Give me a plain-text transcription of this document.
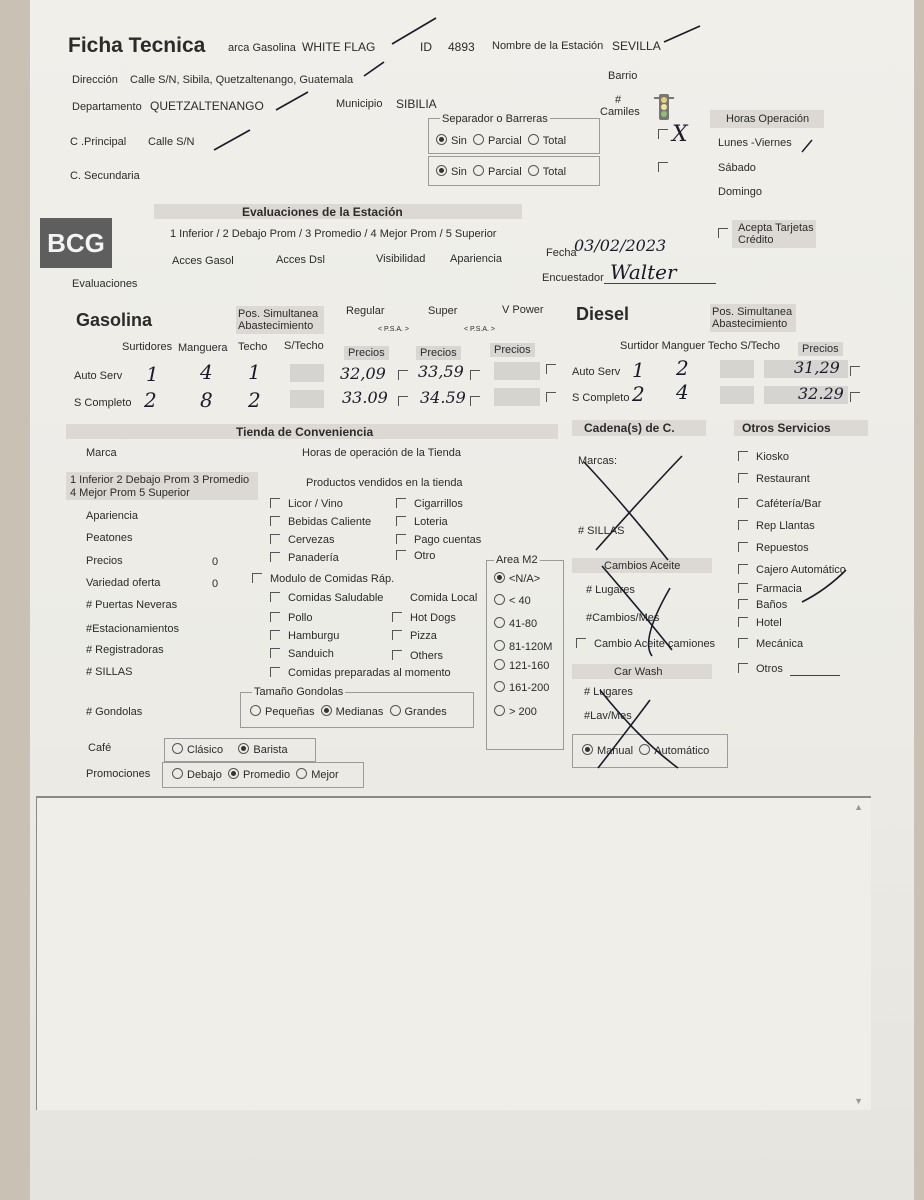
Ficha Tecnica arca Gasolina WHITE FLAG	ID 4893 Nombre de la Estación SEVILLA
Dirección Calle S/N, Sibila, Quetzaltenango, Guatemala	Barrio
Departamento QUETZALTENANGO	Municipio SIBILIA	# Camiles
Horas Operación
Lunes -Viernes
Sábado
Domingo
C .Principal Calle S/N
C. Secundaria
Separador o Barreras
Sin Parcial Total
Sin Parcial Total
X
BCG
Evaluaciones de la Estación
1 Inferior / 2 Debajo Prom / 3 Promedio / 4 Mejor Prom / 5 Superior
Acces Gasol	Acces Dsl	Visibilidad Apariencia	Fecha
03/02/2023
Encuestador Walter
Acepta Tarjetas Crédito
Evaluaciones
Gasolina	Pos. Simultanea Abastecimiento
Regular	Super	V Power
< P.S.A. >	< P.S.A. >
Surtidores Manguera Techo S/Techo
Precios	Precios	Precios
Auto Serv 1 4 1	32,09 33,59
S Completo 2 8 2	33.09 34.59
Diesel	Pos. Simultanea Abastecimiento
Surtidor Manguer Techo S/Techo	Precios
Auto Serv 1 2	31,29
S Completo 2 4	32.29
Tienda de Conveniencia
Marca	Horas de operación de la Tienda
1 Inferior 2 Debajo Prom 3 Promedio
4 Mejor Prom 5 Superior
Productos vendidos en la tienda
Apariencia
Peatones
Precios	0
Variedad oferta	0
# Puertas Neveras
#Estacionamientos
# Registradoras
# SILLAS
# Gondolas
Licor / Vino
Bebidas Caliente
Cervezas
Panadería
Cigarrillos
Loteria
Pago cuentas
Otro
Modulo de Comidas Ráp.
Comidas Saludable Comida Local
Pollo	Hot Dogs
Hamburgu	Pizza
Sanduich	Others
Comidas preparadas al momento
Tamaño Gondolas
Pequeñas Medianas Grandes
Café	Clásico	Barista
Promociones	Debajo Promedio Mejor
Area M2
<N/A>
< 40
41-80
81-120M
121-160
161-200
> 200
Cadena(s) de C.
Marcas:
# SILLAS
Cambios Aceite
# Lugares
#Cambios/Mes
Cambio Aceite camiones
Car Wash
# Lugares
#Lav/Mes
Manual Automático
Otros Servicios
Kiosko
Restaurant
Cafétería/Bar
Rep Llantas
Repuestos
Cajero Automático
Farmacia
Baños
Hotel
Mecánica
Otros
▲
▼
